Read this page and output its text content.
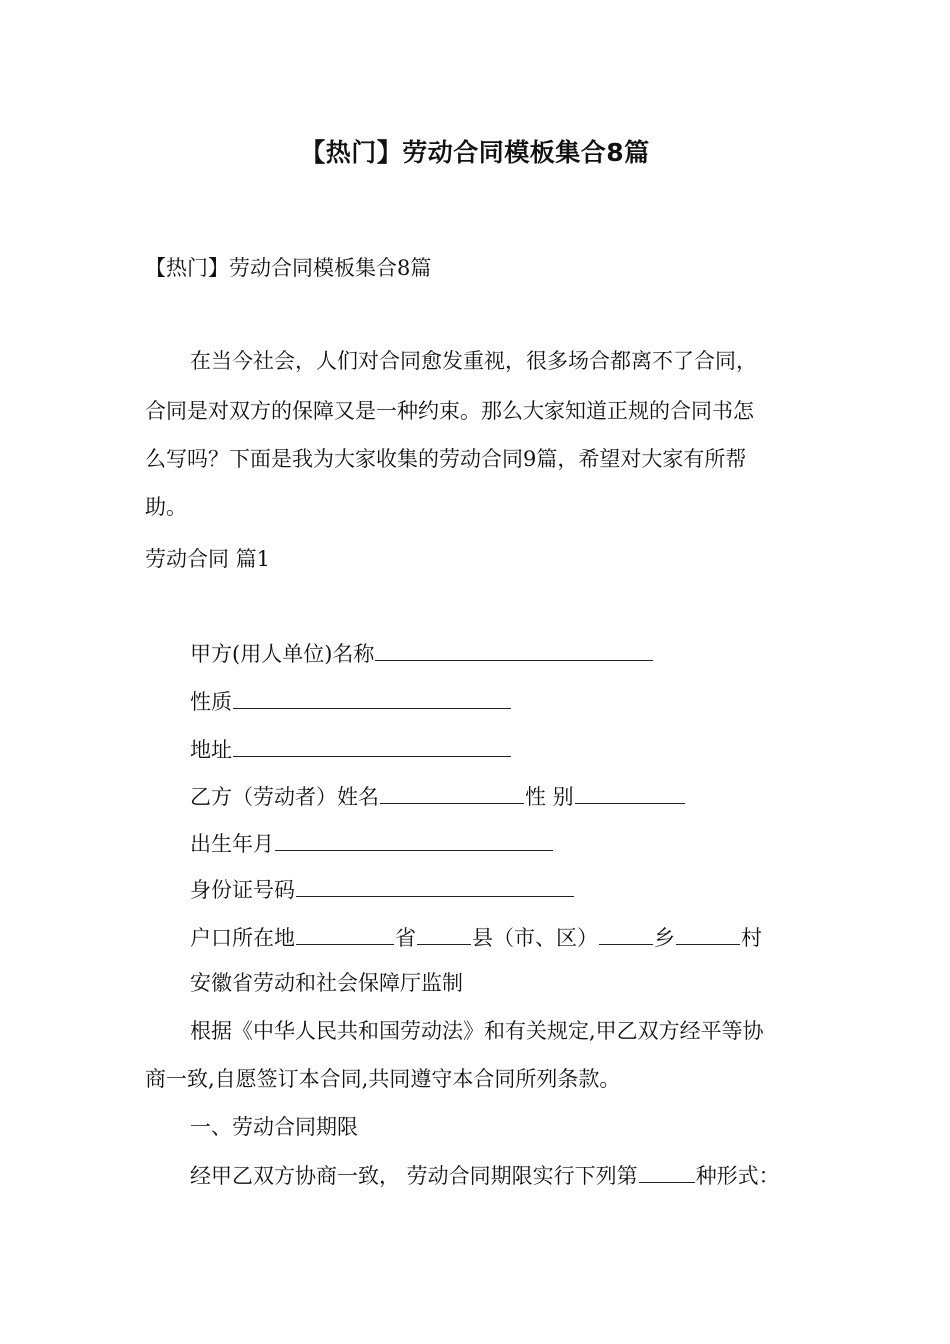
【热门】劳动合同模板集合8篇
【热门】劳动合同模板集合8篇
在当今社会，人们对合同愈发重视，很多场合都离不了合同，
合同是对双方的保障又是一种约束。那么大家知道正规的合同书怎
么写吗？下面是我为大家收集的劳动合同9篇，希望对大家有所帮
助。
劳动合同 篇1
甲方(用人单位)名称
性质
地址
乙方（劳动者）姓名	性 别
出生年月
身份证号码
户口所在地	省	县（市、区）	乡	村
安徽省劳动和社会保障厅监制
根据《中华人民共和国劳动法》和有关规定,甲乙双方经平等协
商一致,自愿签订本合同,共同遵守本合同所列条款。
一、劳动合同期限
经甲乙双方协商一致， 劳动合同期限实行下列第	种形式：
